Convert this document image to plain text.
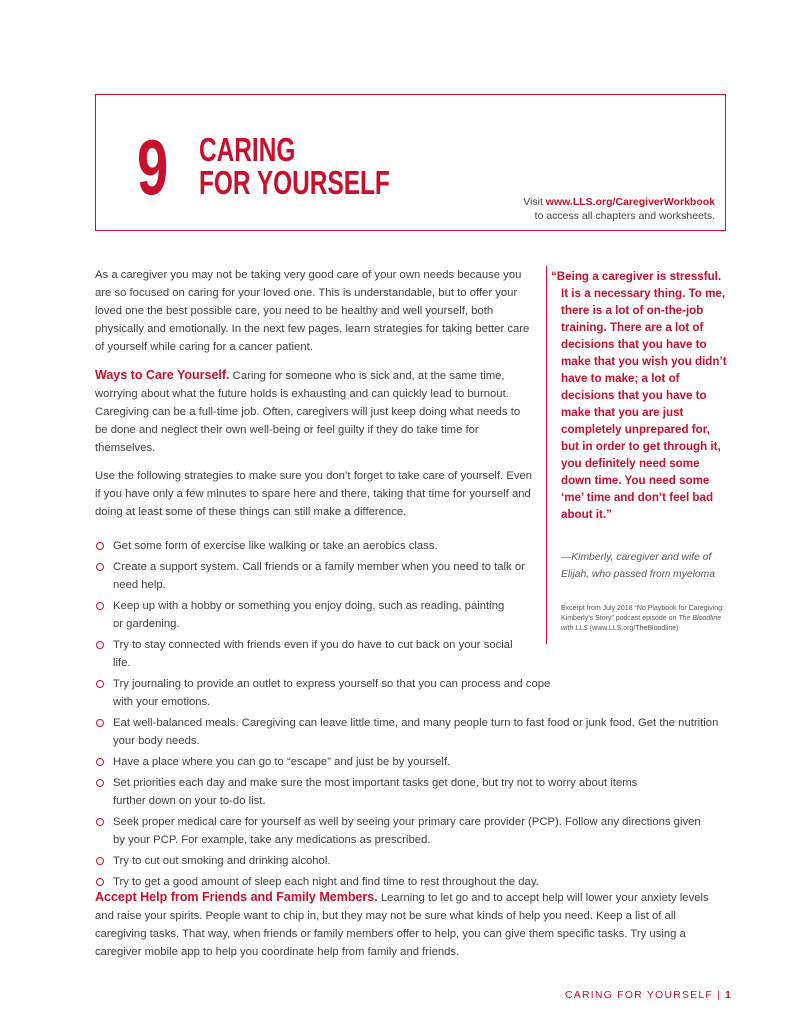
9 CARING
FOR YOURSELF
Visit www.LLS.org/CaregiverWorkbook
to access all chapters and worksheets.

As a caregiver you may not be taking very good care of your own needs because you are so focused on caring for your loved one. This is understandable, but to offer your loved one the best possible care, you need to be healthy and well yourself, both physically and emotionally. In the next few pages, learn strategies for taking better care of yourself while caring for a cancer patient.

Ways to Care Yourself. Caring for someone who is sick and, at the same time, worrying about what the future holds is exhausting and can quickly lead to burnout. Caregiving can be a full-time job. Often, caregivers will just keep doing what needs to be done and neglect their own well-being or feel guilty if they do take time for themselves.

Use the following strategies to make sure you don’t forget to take care of yourself. Even if you have only a few minutes to spare here and there, taking that time for yourself and doing at least some of these things can still make a difference.

Get some form of exercise like walking or take an aerobics class.
Create a support system. Call friends or a family member when you need to talk or need help.
Keep up with a hobby or something you enjoy doing, such as reading, painting or gardening.
Try to stay connected with friends even if you do have to cut back on your social life.
Try journaling to provide an outlet to express yourself so that you can process and cope with your emotions.
Eat well-balanced meals. Caregiving can leave little time, and many people turn to fast food or junk food. Get the nutrition your body needs.
Have a place where you can go to “escape” and just be by yourself.
Set priorities each day and make sure the most important tasks get done, but try not to worry about items further down on your to-do list.
Seek proper medical care for yourself as well by seeing your primary care provider (PCP). Follow any directions given by your PCP. For example, take any medications as prescribed.
Try to cut out smoking and drinking alcohol.
Try to get a good amount of sleep each night and find time to rest throughout the day.
Accept Help from Friends and Family Members. Learning to let go and to accept help will lower your anxiety levels and raise your spirits. People want to chip in, but they may not be sure what kinds of help you need. Keep a list of all caregiving tasks. That way, when friends or family members offer to help, you can give them specific tasks. Try using a caregiver mobile app to help you coordinate help from family and friends.
“Being a caregiver is stressful. It is a necessary thing. To me, there is a lot of on-the-job training. There are a lot of decisions that you have to make that you wish you didn’t have to make; a lot of decisions that you have to make that you are just completely unprepared for, but in order to get through it, you definitely need some down time. You need some ‘me’ time and don’t feel bad about it.”
—Kimberly, caregiver and wife of Elijah, who passed from myeloma
Excerpt from July 2018 “No Playbook for Caregiving: Kimberly’s Story” podcast episode on The Bloodline with LLS (www.LLS.org/TheBloodline)
CARING FOR YOURSELF | 1
